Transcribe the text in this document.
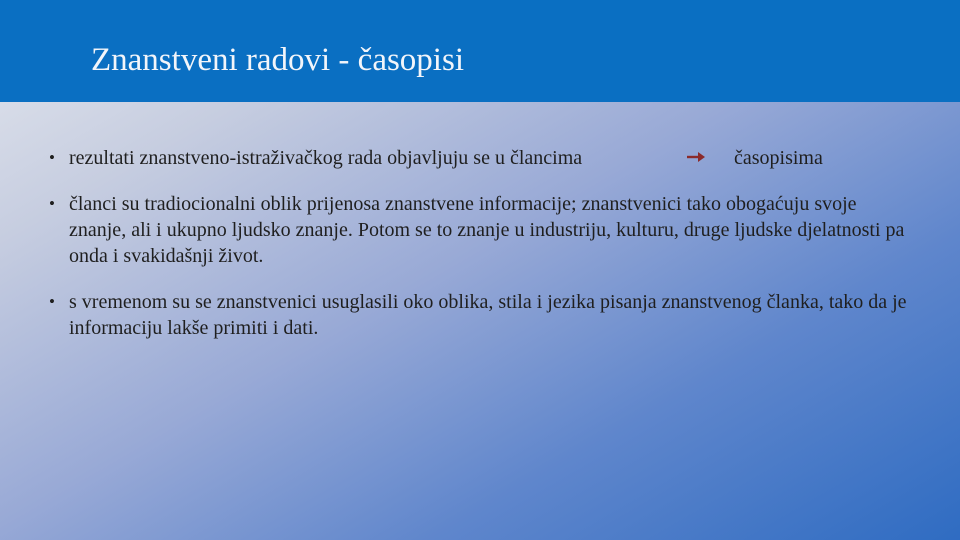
Znanstveni radovi - časopisi
• rezultati znanstveno-istraživačkog rada objavljuju se u člancima	časopisima
• članci su tradiocionalni oblik prijenosa znanstvene informacije; znanstvenici tako obogaćuju svoje znanje, ali i ukupno ljudsko znanje. Potom se to znanje u industriju, kulturu, druge ljudske djelatnosti pa onda i svakidašnji život.
• s vremenom su se znanstvenici usuglasili oko oblika, stila i jezika pisanja znanstvenog članka, tako da je informaciju lakše primiti i dati.
